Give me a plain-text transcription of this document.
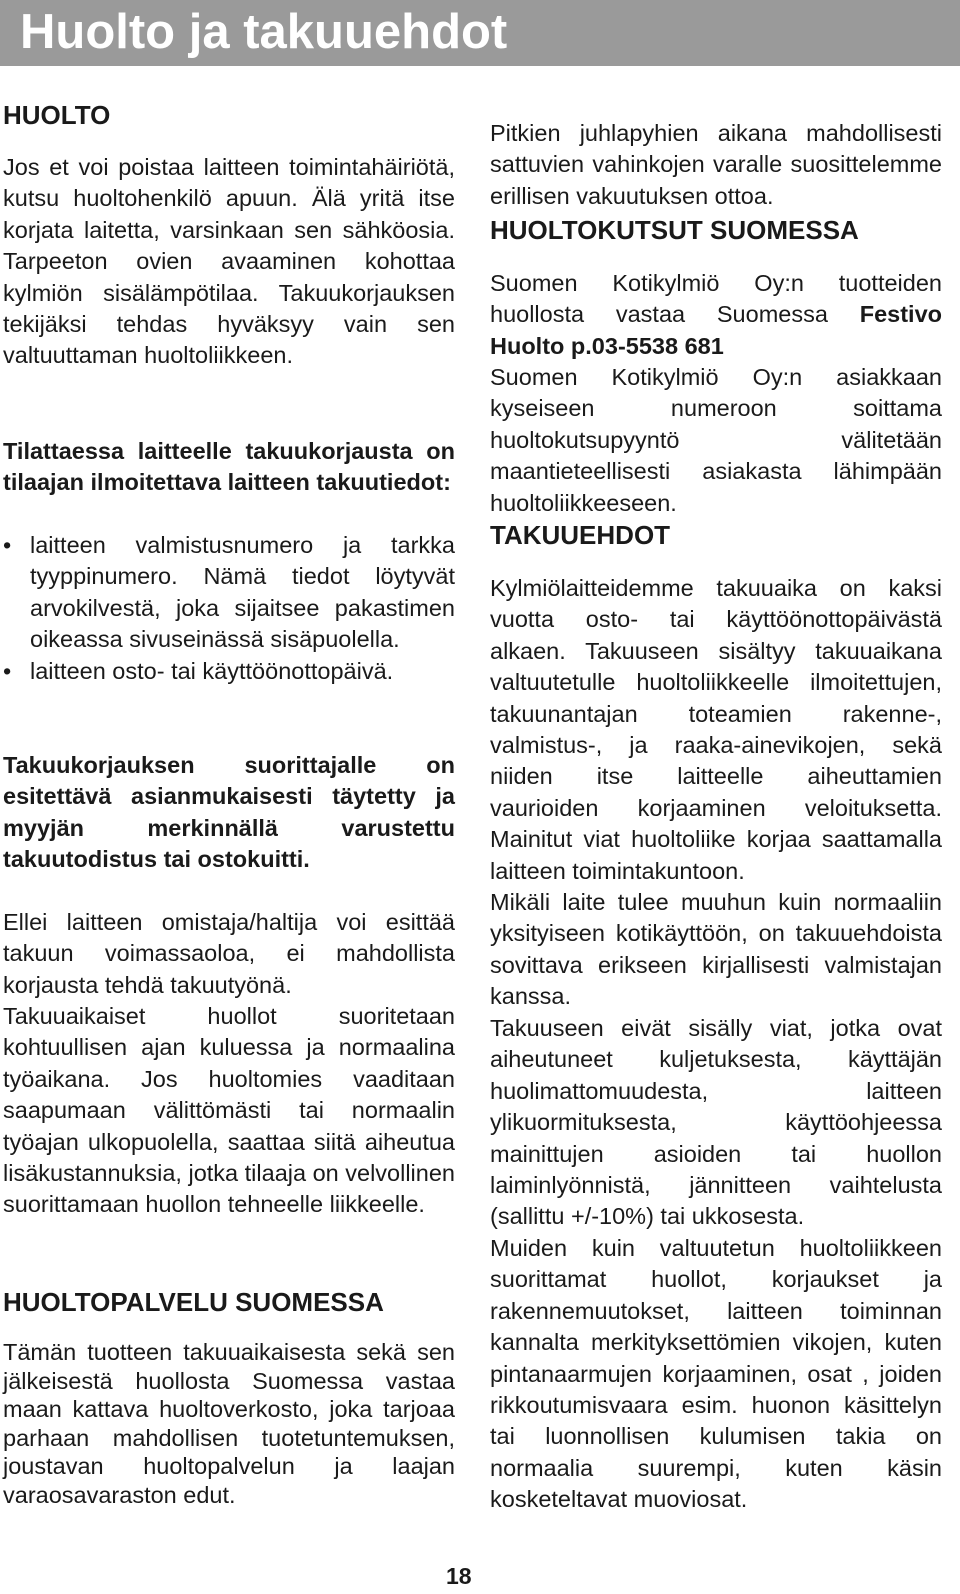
Huolto ja takuuehdot
HUOLTO

Jos et voi poistaa laitteen toimintahäiriötä, kutsu huoltohenkilö apuun. Älä yritä itse korjata laitetta, varsinkaan sen sähköosia. Tarpeeton ovien avaaminen kohottaa kylmiön sisälämpötilaa. Takuukorjauksen tekijäksi tehdas hyväksyy vain sen valtuuttaman huoltoliikkeen.

Tilattaessa laitteelle takuukorjausta on tilaajan ilmoitettava laitteen takuutiedot:

• laitteen valmistusnumero ja tarkka tyyppinumero. Nämä tiedot löytyvät arvokilvestä, joka sijaitsee pakastimen oikeassa sivuseinässä sisäpuolella.
• laitteen osto- tai käyttöönottopäivä.

Takuukorjauksen suorittajalle on esitettävä asianmukaisesti täytetty ja myyjän merkinnällä varustettu takuutodistus tai ostokuitti.

Ellei laitteen omistaja/haltija voi esittää takuun voimassaoloa, ei mahdollista korjausta tehdä takuutyönä.

Takuuaikaiset huollot suoritetaan kohtuullisen ajan kuluessa ja normaalina työaikana. Jos huoltomies vaaditaan saapumaan välittömästi tai normaalin työajan ulkopuolella, saattaa siitä aiheutua lisäkustannuksia, jotka tilaaja on velvollinen suorittamaan huollon tehneelle liikkeelle.

HUOLTOPALVELU SUOMESSA

Tämän tuotteen takuuaikaisesta sekä sen jälkeisestä huollosta Suomessa vastaa maan kattava huoltoverkosto, joka tarjoaa parhaan mahdollisen tuotetuntemuksen, joustavan huoltopalvelun ja laajan varaosavaraston edut.

Pitkien juhlapyhien aikana mahdollisesti sattuvien vahinkojen varalle suosittelemme erillisen vakuutuksen ottoa.

HUOLTOKUTSUT SUOMESSA

Suomen Kotikylmiö Oy:n tuotteiden huollosta vastaa Suomessa Festivo Huolto p.03-5538 681

Suomen Kotikylmiö Oy:n asiakkaan kyseiseen numeroon soittama huoltokutsupyyntö välitetään maantieteellisesti asiakasta lähimpään huoltoliikkeeseen.

TAKUUEHDOT

Kylmiölaitteidemme takuuaika on kaksi vuotta osto- tai käyttöönottopäivästä alkaen. Takuuseen sisältyy takuuaikana valtuutetulle huoltoliikkeelle ilmoitettujen, takuunantajan toteamien rakenne-, valmistus-, ja raaka-ainevikojen, sekä niiden itse laitteelle aiheuttamien vaurioiden korjaaminen veloituksetta. Mainitut viat huoltoliike korjaa saattamalla laitteen toimintakuntoon.

Mikäli laite tulee muuhun kuin normaaliin yksityiseen kotikäyttöön, on takuuehdoista sovittava erikseen kirjallisesti valmistajan kanssa.

Takuuseen eivät sisälly viat, jotka ovat aiheutuneet kuljetuksesta, käyttäjän huolimattomuudesta, laitteen ylikuormituksesta, käyttöohjeessa mainittujen asioiden tai huollon laiminlyönnistä, jännitteen vaihtelusta (sallittu +/-10%) tai ukkosesta.

Muiden kuin valtuutetun huoltoliikkeen suorittamat huollot, korjaukset ja rakennemuutokset, laitteen toiminnan kannalta merkityksettömien vikojen, kuten pintanaarmujen korjaaminen, osat , joiden rikkoutumisvaara esim. huonon käsittelyn tai luonnollisen kulumisen takia on normaalia suurempi, kuten käsin kosketeltavat muoviosat.

18
